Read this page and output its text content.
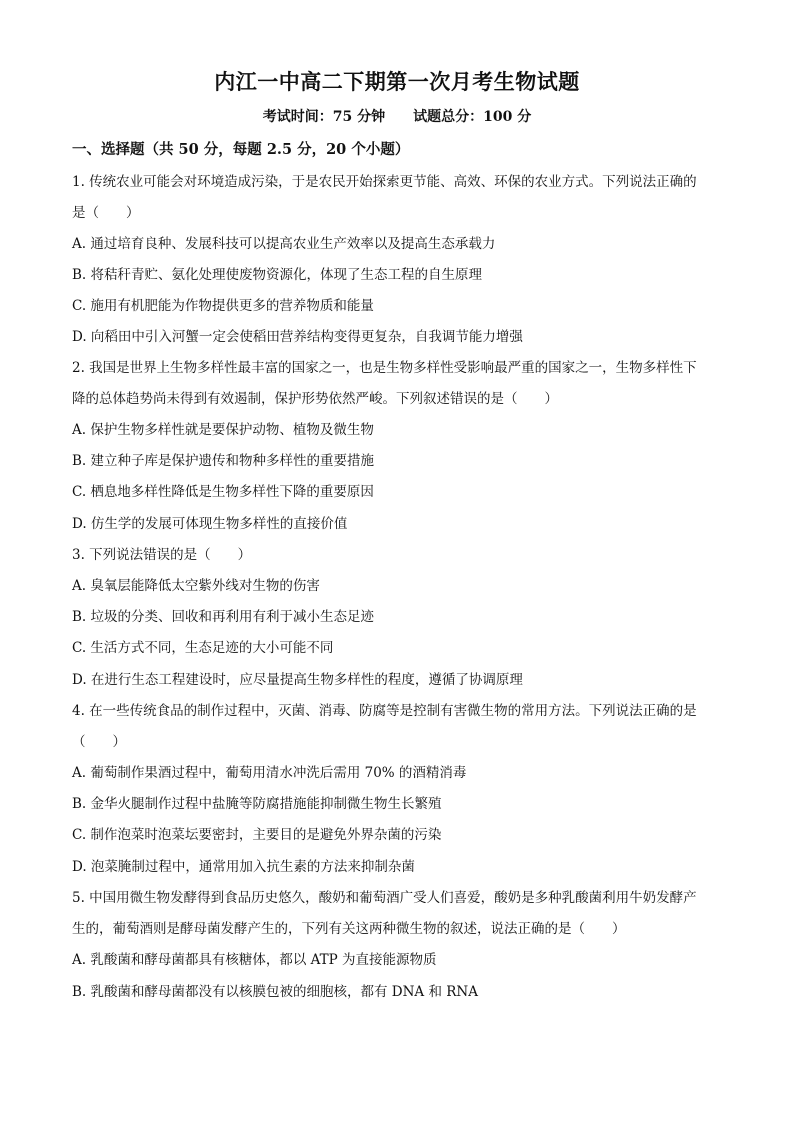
内江一中高二下期第一次月考生物试题
考试时间：75 分钟 试题总分：100 分
一、选择题（共 50 分，每题 2.5 分，20 个小题）
1. 传统农业可能会对环境造成污染，于是农民开始探索更节能、高效、环保的农业方式。下列说法正确的
是（　　）
A. 通过培育良种、发展科技可以提高农业生产效率以及提高生态承载力
B. 将秸秆青贮、氨化处理使废物资源化，体现了生态工程的自生原理
C. 施用有机肥能为作物提供更多的营养物质和能量
D. 向稻田中引入河蟹一定会使稻田营养结构变得更复杂，自我调节能力增强
2. 我国是世界上生物多样性最丰富的国家之一，也是生物多样性受影响最严重的国家之一，生物多样性下
降的总体趋势尚未得到有效遏制，保护形势依然严峻。下列叙述错误的是（　　）
A. 保护生物多样性就是要保护动物、植物及微生物
B. 建立种子库是保护遗传和物种多样性的重要措施
C. 栖息地多样性降低是生物多样性下降的重要原因
D. 仿生学的发展可体现生物多样性的直接价值
3. 下列说法错误的是（　　）
A. 臭氧层能降低太空紫外线对生物的伤害
B. 垃圾的分类、回收和再利用有利于减小生态足迹
C. 生活方式不同，生态足迹的大小可能不同
D. 在进行生态工程建设时，应尽量提高生物多样性的程度，遵循了协调原理
4. 在一些传统食品的制作过程中，灭菌、消毒、防腐等是控制有害微生物的常用方法。下列说法正确的是
（　　）
A. 葡萄制作果酒过程中，葡萄用清水冲洗后需用 70% 的酒精消毒
B. 金华火腿制作过程中盐腌等防腐措施能抑制微生物生长繁殖
C. 制作泡菜时泡菜坛要密封，主要目的是避免外界杂菌的污染
D. 泡菜腌制过程中，通常用加入抗生素的方法来抑制杂菌
5. 中国用微生物发酵得到食品历史悠久，酸奶和葡萄酒广受人们喜爱，酸奶是多种乳酸菌利用牛奶发酵产
生的，葡萄酒则是酵母菌发酵产生的，下列有关这两种微生物的叙述，说法正确的是（　　）
A. 乳酸菌和酵母菌都具有核糖体，都以 ATP 为直接能源物质
B. 乳酸菌和酵母菌都没有以核膜包被的细胞核，都有 DNA 和 RNA
